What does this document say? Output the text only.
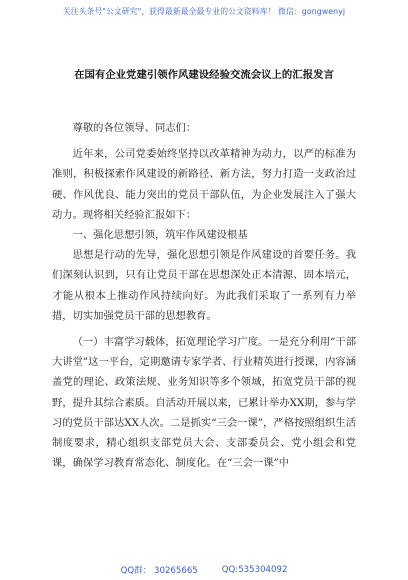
关注头条号"公文研究"，获得最新最全最专业的公文资料库！ 微信：gongwenyj
在国有企业党建引领作风建设经验交流会议上的汇报发言

尊敬的各位领导、同志们：

近年来，公司党委始终坚持以改革精神为动力，以严的标准为准则，积极探索作风建设的新路径、新方法，努力打造一支政治过硬、作风优良、能力突出的党员干部队伍，为企业发展注入了强大动力。现将相关经验汇报如下：

一、强化思想引领，筑牢作风建设根基

思想是行动的先导，强化思想引领是作风建设的首要任务。我们深刻认识到，只有让党员干部在思想深处正本清源、固本培元，才能从根本上推动作风持续向好。为此我们采取了一系列有力举措，切实加强党员干部的思想教育。

（一）丰富学习载体，拓宽理论学习广度。一是充分利用“干部大讲堂”这一平台，定期邀请专家学者、行业精英进行授课，内容涵盖党的理论、政策法规、业务知识等多个领域，拓宽党员干部的视野，提升其综合素质。自活动开展以来，已累计举办XX期，参与学习的党员干部达XX人次。二是抓实“三会一课”，严格按照组织生活制度要求，精心组织支部党员大会、支部委员会、党小组会和党课，确保学习教育常态化、制度化。在“三会一课”中

QQ群： 30265665	QQ:535304092
